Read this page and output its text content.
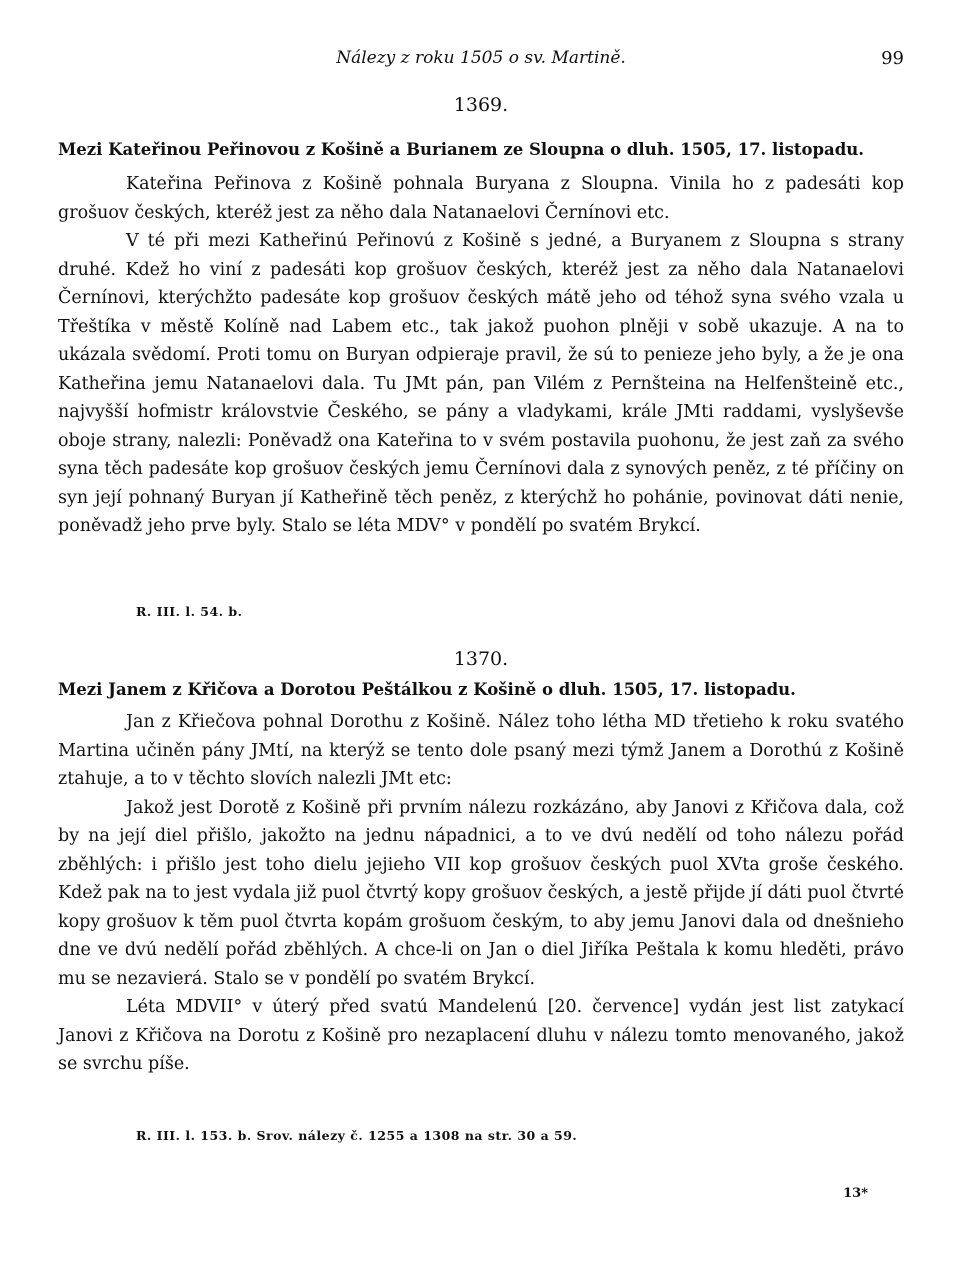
Nálezy z roku 1505 o sv. Martině.	99
1369.
Mezi Kateřinou Peřinovou z Košině a Burianem ze Sloupna o dluh. 1505, 17. listopadu.

Kateřina Peřinova z Košině pohnala Buryana z Sloupna. Vinila ho z padesáti kop grošuov českých, kteréž jest za něho dala Natanaelovi Černínovi etc.

V té při mezi Katheřinú Peřinovú z Košině s jedné, a Buryanem z Sloupna s strany druhé. Kdež ho viní z padesáti kop grošuov českých, kteréž jest za něho dala Natanaelovi Černínovi, kterýchžto padesáte kop grošuov českých mátě jeho od téhož syna svého vzala u Třeštíka v městě Kolíně nad Labem etc., tak jakož puohon plněji v sobě ukazuje. A na to ukázala svědomí. Proti tomu on Buryan odpieraje pravil, že sú to penieze jeho byly, a že je ona Katheřina jemu Natanaelovi dala. Tu JMt pán, pan Vilém z Pernšteina na Helfenšteině etc., najvyšší hofmistr královstvie Českého, se pány a vladykami, krále JMti raddami, vyslyševše oboje strany, nalezli: Poněvadž ona Kateřina to v svém postavila puohonu, že jest zaň za svého syna těch padesáte kop grošuov českých jemu Černínovi dala z synových peněz, z té příčiny on syn její pohnaný Buryan jí Katheřině těch peněz, z kterýchž ho pohánie, povinovat dáti nenie, poněvadž jeho prve byly. Stalo se léta MDV° v pondělí po svatém Brykcí.

R. III. l. 54. b.
1370.
Mezi Janem z Křičova a Dorotou Peštálkou z Košině o dluh. 1505, 17. listopadu.

Jan z Křiečova pohnal Dorothu z Košině. Nález toho létha MD třetieho k roku svatého Martina učiněn pány JMtí, na kterýž se tento dole psaný mezi týmž Janem a Dorothú z Košině ztahuje, a to v těchto slovích nalezli JMt etc:

Jakož jest Dorotě z Košině při prvním nálezu rozkázáno, aby Janovi z Křičova dala, což by na její diel přišlo, jakožto na jednu nápadnici, a to ve dvú nedělí od toho nálezu pořád zběhlých: i přišlo jest toho dielu jejieho VII kop grošuov českých puol XVta groše českého. Kdež pak na to jest vydala již puol čtvrtý kopy grošuov českých, a jestě přijde jí dáti puol čtvrté kopy grošuov k těm puol čtvrta kopám grošuom českým, to aby jemu Janovi dala od dnešnieho dne ve dvú nedělí pořád zběhlých. A chce-li on Jan o diel Jiříka Peštala k komu hleděti, právo mu se nezavierá. Stalo se v pondělí po svatém Brykcí.

Léta MDVII° v úterý před svatú Mandelenú [20. července] vydán jest list zatykací Janovi z Křičova na Dorotu z Košině pro nezaplacení dluhu v nálezu tomto menovaného, jakož se svrchu píše.

R. III. l. 153. b. Srov. nálezy č. 1255 a 1308 na str. 30 a 59.
13*
